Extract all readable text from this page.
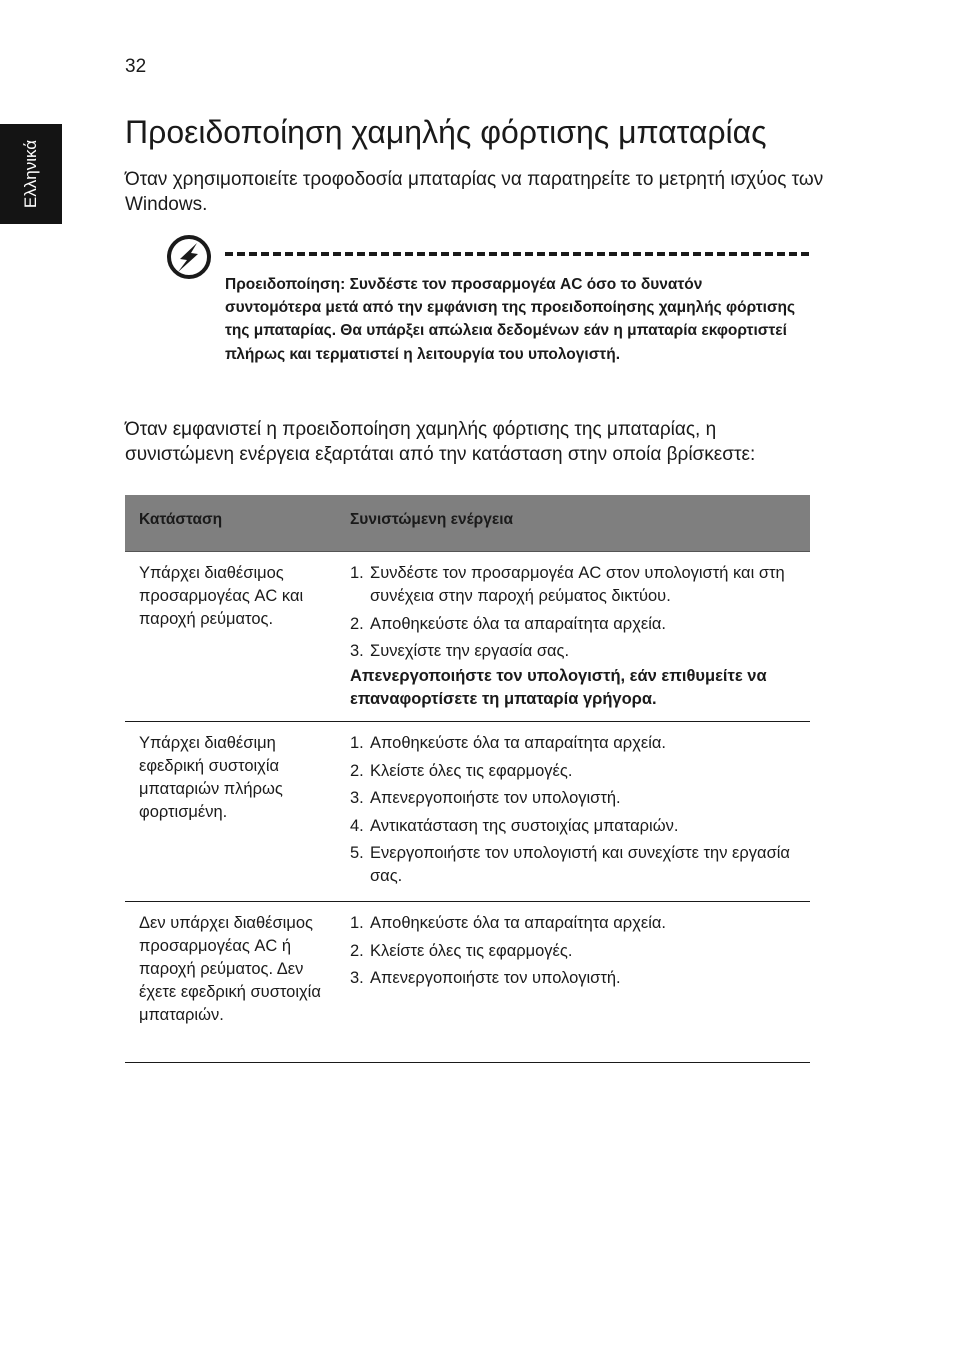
32
Ελληνικά
Προειδοποίηση χαμηλής φόρτισης μπαταρίας

Όταν χρησιμοποιείτε τροφοδοσία μπαταρίας να παρατηρείτε το μετρητή ισχύος των Windows.

Προειδοποίηση: Συνδέστε τον προσαρμογέα AC όσο το δυνατόν συντομότερα μετά από την εμφάνιση της προειδοποίησης χαμηλής φόρτισης της μπαταρίας. Θα υπάρξει απώλεια δεδομένων εάν η μπαταρία εκφορτιστεί πλήρως και τερματιστεί η λειτουργία του υπολογιστή.

Όταν εμφανιστεί η προειδοποίηση χαμηλής φόρτισης της μπαταρίας, η συνιστώμενη ενέργεια εξαρτάται από την κατάσταση στην οποία βρίσκεστε:

Κατάσταση	Συνιστώμενη ενέργεια
Υπάρχει διαθέσιμος προσαρμογέας AC και παροχή ρεύματος.
1. Συνδέστε τον προσαρμογέα AC στον υπολογιστή και στη συνέχεια στην παροχή ρεύματος δικτύου.
2. Αποθηκεύστε όλα τα απαραίτητα αρχεία.
3. Συνεχίστε την εργασία σας.
Απενεργοποιήστε τον υπολογιστή, εάν επιθυμείτε να επαναφορτίσετε τη μπαταρία γρήγορα.
Υπάρχει διαθέσιμη εφεδρική συστοιχία μπαταριών πλήρως φορτισμένη.
1. Αποθηκεύστε όλα τα απαραίτητα αρχεία.
2. Κλείστε όλες τις εφαρμογές.
3. Απενεργοποιήστε τον υπολογιστή.
4. Αντικατάσταση της συστοιχίας μπαταριών.
5. Ενεργοποιήστε τον υπολογιστή και συνεχίστε την εργασία σας.
Δεν υπάρχει διαθέσιμος προσαρμογέας AC ή παροχή ρεύματος. Δεν έχετε εφεδρική συστοιχία μπαταριών.
1. Αποθηκεύστε όλα τα απαραίτητα αρχεία.
2. Κλείστε όλες τις εφαρμογές.
3. Απενεργοποιήστε τον υπολογιστή.
